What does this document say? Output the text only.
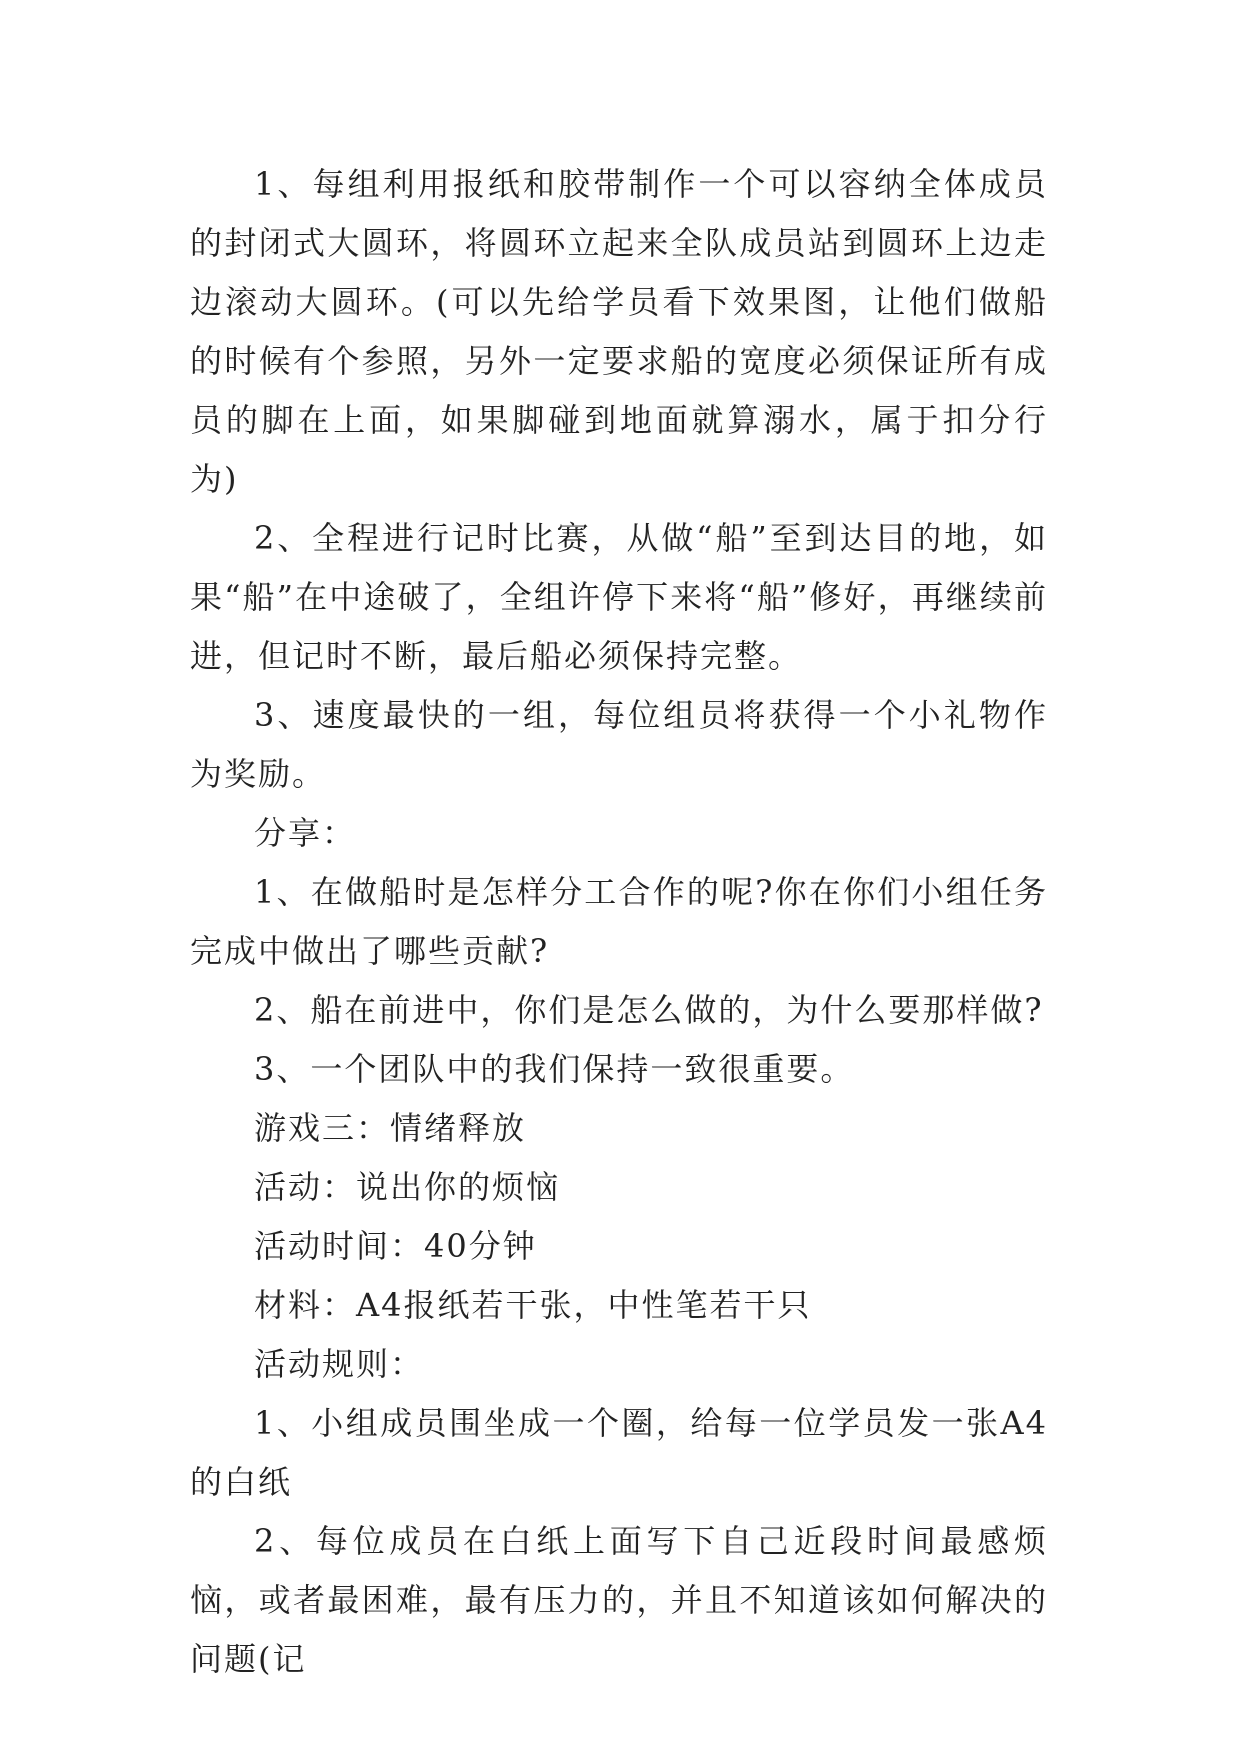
1、每组利用报纸和胶带制作一个可以容纳全体成员的封闭式大圆环，将圆环立起来全队成员站到圆环上边走边滚动大圆环。(可以先给学员看下效果图，让他们做船的时候有个参照，另外一定要求船的宽度必须保证所有成员的脚在上面，如果脚碰到地面就算溺水，属于扣分行为)

2、全程进行记时比赛，从做“船”至到达目的地，如果“船”在中途破了，全组许停下来将“船”修好，再继续前进，但记时不断，最后船必须保持完整。

3、速度最快的一组，每位组员将获得一个小礼物作为奖励。

分享：

1、在做船时是怎样分工合作的呢?你在你们小组任务完成中做出了哪些贡献?

2、船在前进中，你们是怎么做的，为什么要那样做?

3、一个团队中的我们保持一致很重要。

游戏三：情绪释放

活动：说出你的烦恼

活动时间：40分钟

材料：A4报纸若干张，中性笔若干只

活动规则：

1、小组成员围坐成一个圈，给每一位学员发一张A4的白纸

2、每位成员在白纸上面写下自己近段时间最感烦恼，或者最困难，最有压力的，并且不知道该如何解决的问题(记
